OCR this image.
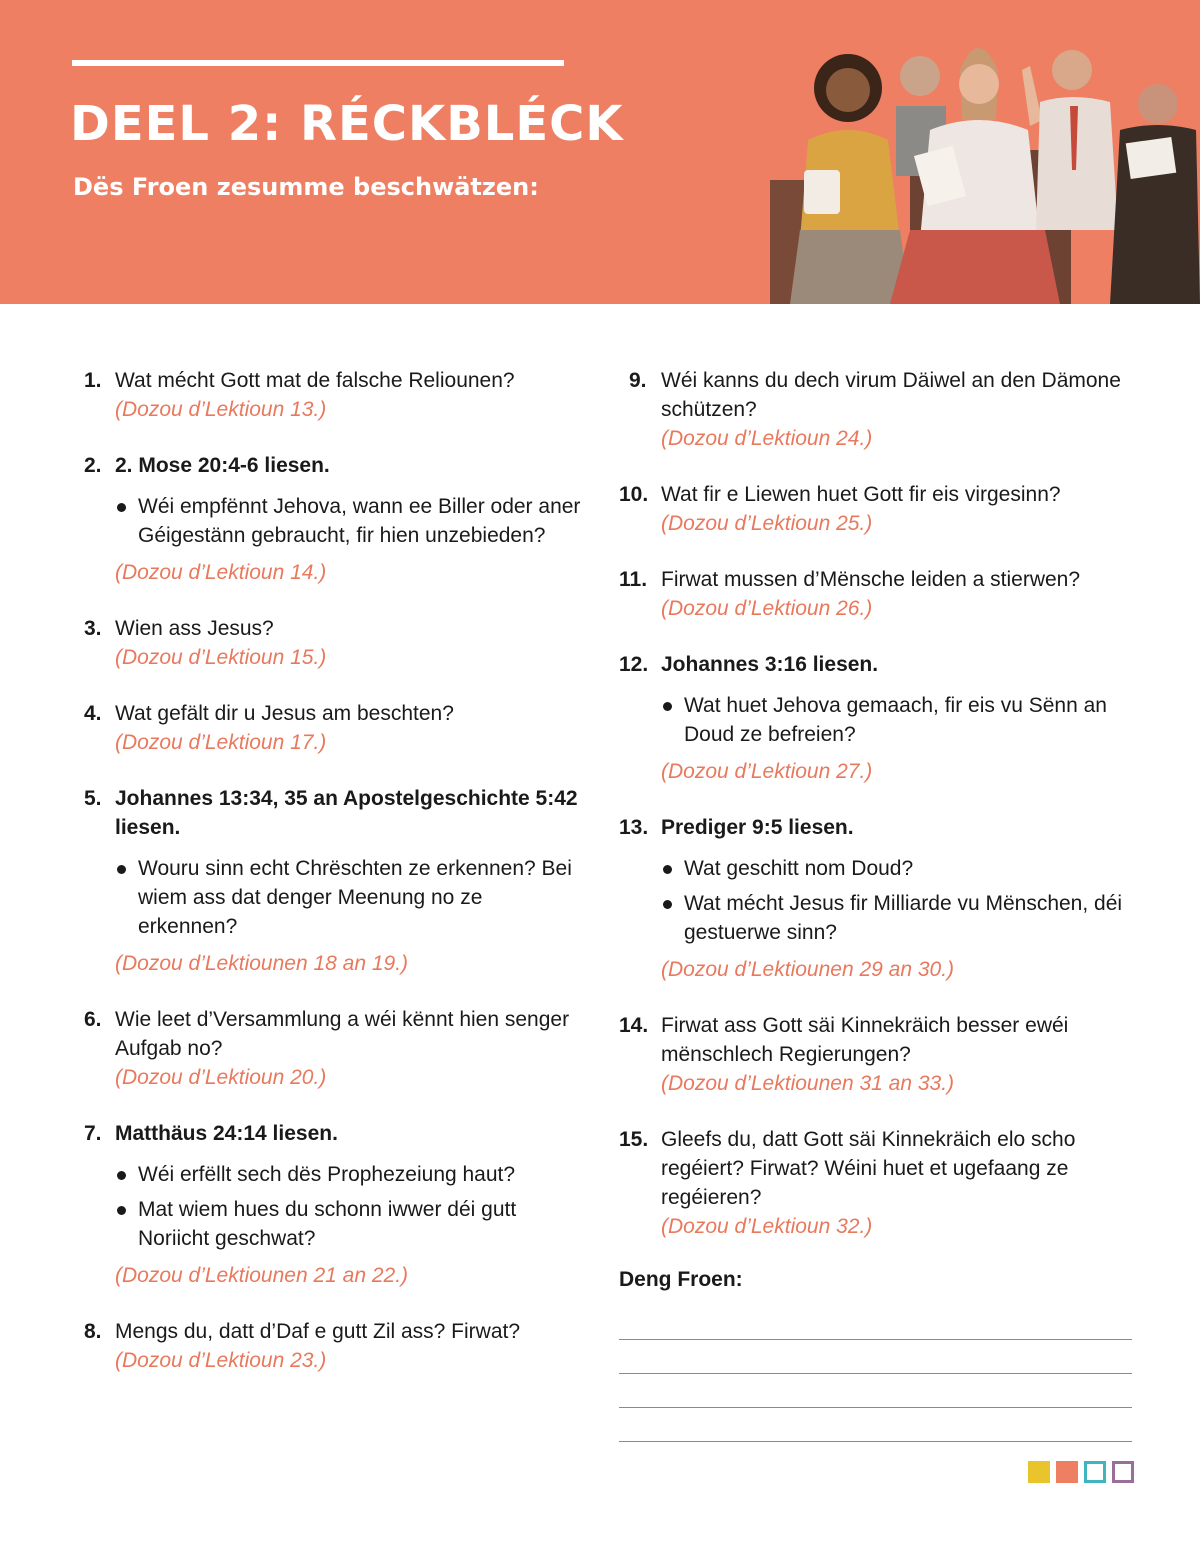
DEEL 2: RÉCKBLÉCK
Dës Froen zesumme beschwätzen:
1. Wat mécht Gott mat de falsche Reliounen?
(Dozou d’Lektioun 13.)
2. 2. Mose 20:4-6 liesen.
Wéi empfënnt Jehova, wann ee Biller oder aner Géigestänn gebraucht, fir hien unzebieden?
(Dozou d’Lektioun 14.)
3. Wien ass Jesus?
(Dozou d’Lektioun 15.)
4. Wat gefält dir u Jesus am beschten?
(Dozou d’Lektioun 17.)
5. Johannes 13:34, 35 an Apostelgeschichte 5:42 liesen.
Wouru sinn echt Chrëschten ze erkennen? Bei wiem ass dat denger Meenung no ze erkennen?
(Dozou d’Lektiounen 18 an 19.)
6. Wie leet d’Versammlung a wéi kënnt hien senger Aufgab no?
(Dozou d’Lektioun 20.)
7. Matthäus 24:14 liesen.
Wéi erfëllt sech dës Prophezeiung haut?
Mat wiem hues du schonn iwwer déi gutt Noriicht geschwat?
(Dozou d’Lektiounen 21 an 22.)
8. Mengs du, datt d’Daf e gutt Zil ass? Firwat?
(Dozou d’Lektioun 23.)
9. Wéi kanns du dech virum Däiwel an den Dämone schützen?
(Dozou d’Lektioun 24.)
10. Wat fir e Liewen huet Gott fir eis virgesinn?
(Dozou d’Lektioun 25.)
11. Firwat mussen d’Mënsche leiden a stierwen?
(Dozou d’Lektioun 26.)
12. Johannes 3:16 liesen.
Wat huet Jehova gemaach, fir eis vu Sënn an Doud ze befreien?
(Dozou d’Lektioun 27.)
13. Prediger 9:5 liesen.
Wat geschitt nom Doud?
Wat mécht Jesus fir Milliarde vu Mënschen, déi gestuerwe sinn?
(Dozou d’Lektiounen 29 an 30.)
14. Firwat ass Gott säi Kinnekräich besser ewéi mënschlech Regierungen?
(Dozou d’Lektiounen 31 an 33.)
15. Gleefs du, datt Gott säi Kinnekräich elo scho regéiert? Firwat? Wéini huet et ugefaang ze regéieren?
(Dozou d’Lektioun 32.)
Deng Froen:
